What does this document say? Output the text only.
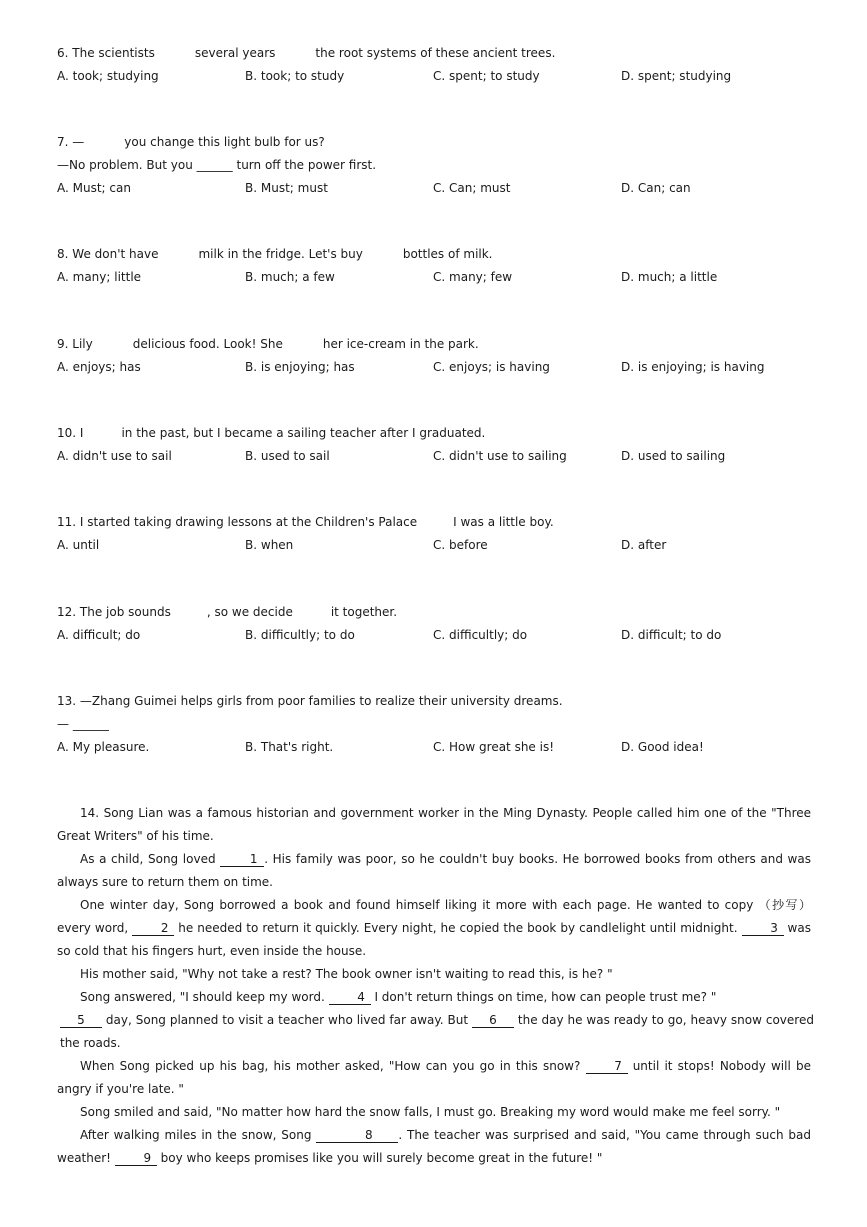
6. The scientists	several years	the root systems of these ancient trees.
A. took; studying	B. took; to study	C. spent; to study	D. spent; studying
7. —	you change this light bulb for us?
—No problem. But you ______ turn off the power first.
A. Must; can	B. Must; must	C. Can; must	D. Can; can
8. We don't have	milk in the fridge. Let's buy	bottles of milk.
A. many; little	B. much; a few	C. many; few	D. much; a little
9. Lily	delicious food. Look! She	her ice-cream in the park.
A. enjoys; has	B. is enjoying; has	C. enjoys; is having	D. is enjoying; is having
10. I	in the past, but I became a sailing teacher after I graduated.
A. didn't use to sail	B. used to sail	C. didn't use to sailing	D. used to sailing
11. I started taking drawing lessons at the Children's Palace	I was a little boy.
A. until	B. when	C. before	D. after
12. The job sounds	, so we decide	it together.
A. difficult; do	B. difficultly; to do	C. difficultly; do	D. difficult; to do
13. —Zhang Guimei helps girls from poor families to realize their university dreams.
— ______
A. My pleasure.	B. That's right.	C. How great she is!	D. Good idea!
14. Song Lian was a famous historian and government worker in the Ming Dynasty. People called him one of the "Three Great Writers" of his time.
As a child, Song loved	1 . His family was poor, so he couldn't buy books. He borrowed books from others and was always sure to return them on time.
One winter day, Song borrowed a book and found himself liking it more with each page. He wanted to copy （抄写） every word,	2 he needed to return it quickly. Every night, he copied the book by candlelight until midnight.	3 was so cold that his fingers hurt, even inside the house.
His mother said, "Why not take a rest? The book owner isn't waiting to read this, is he? "
Song answered, "I should keep my word.	4 I don't return things on time, how can people trust me? "
5 day, Song planned to visit a teacher who lived far away. But 6 the day he was ready to go, heavy snow covered the roads.
When Song picked up his bag, his mother asked, "How can you go in this snow?	7 until it stops! Nobody will be angry if you're late. "
Song smiled and said, "No matter how hard the snow falls, I must go. Breaking my word would make me feel sorry. "
After walking miles in the snow, Song	8 . The teacher was surprised and said, "You came through such bad weather!	9 boy who keeps promises like you will surely become great in the future! "
